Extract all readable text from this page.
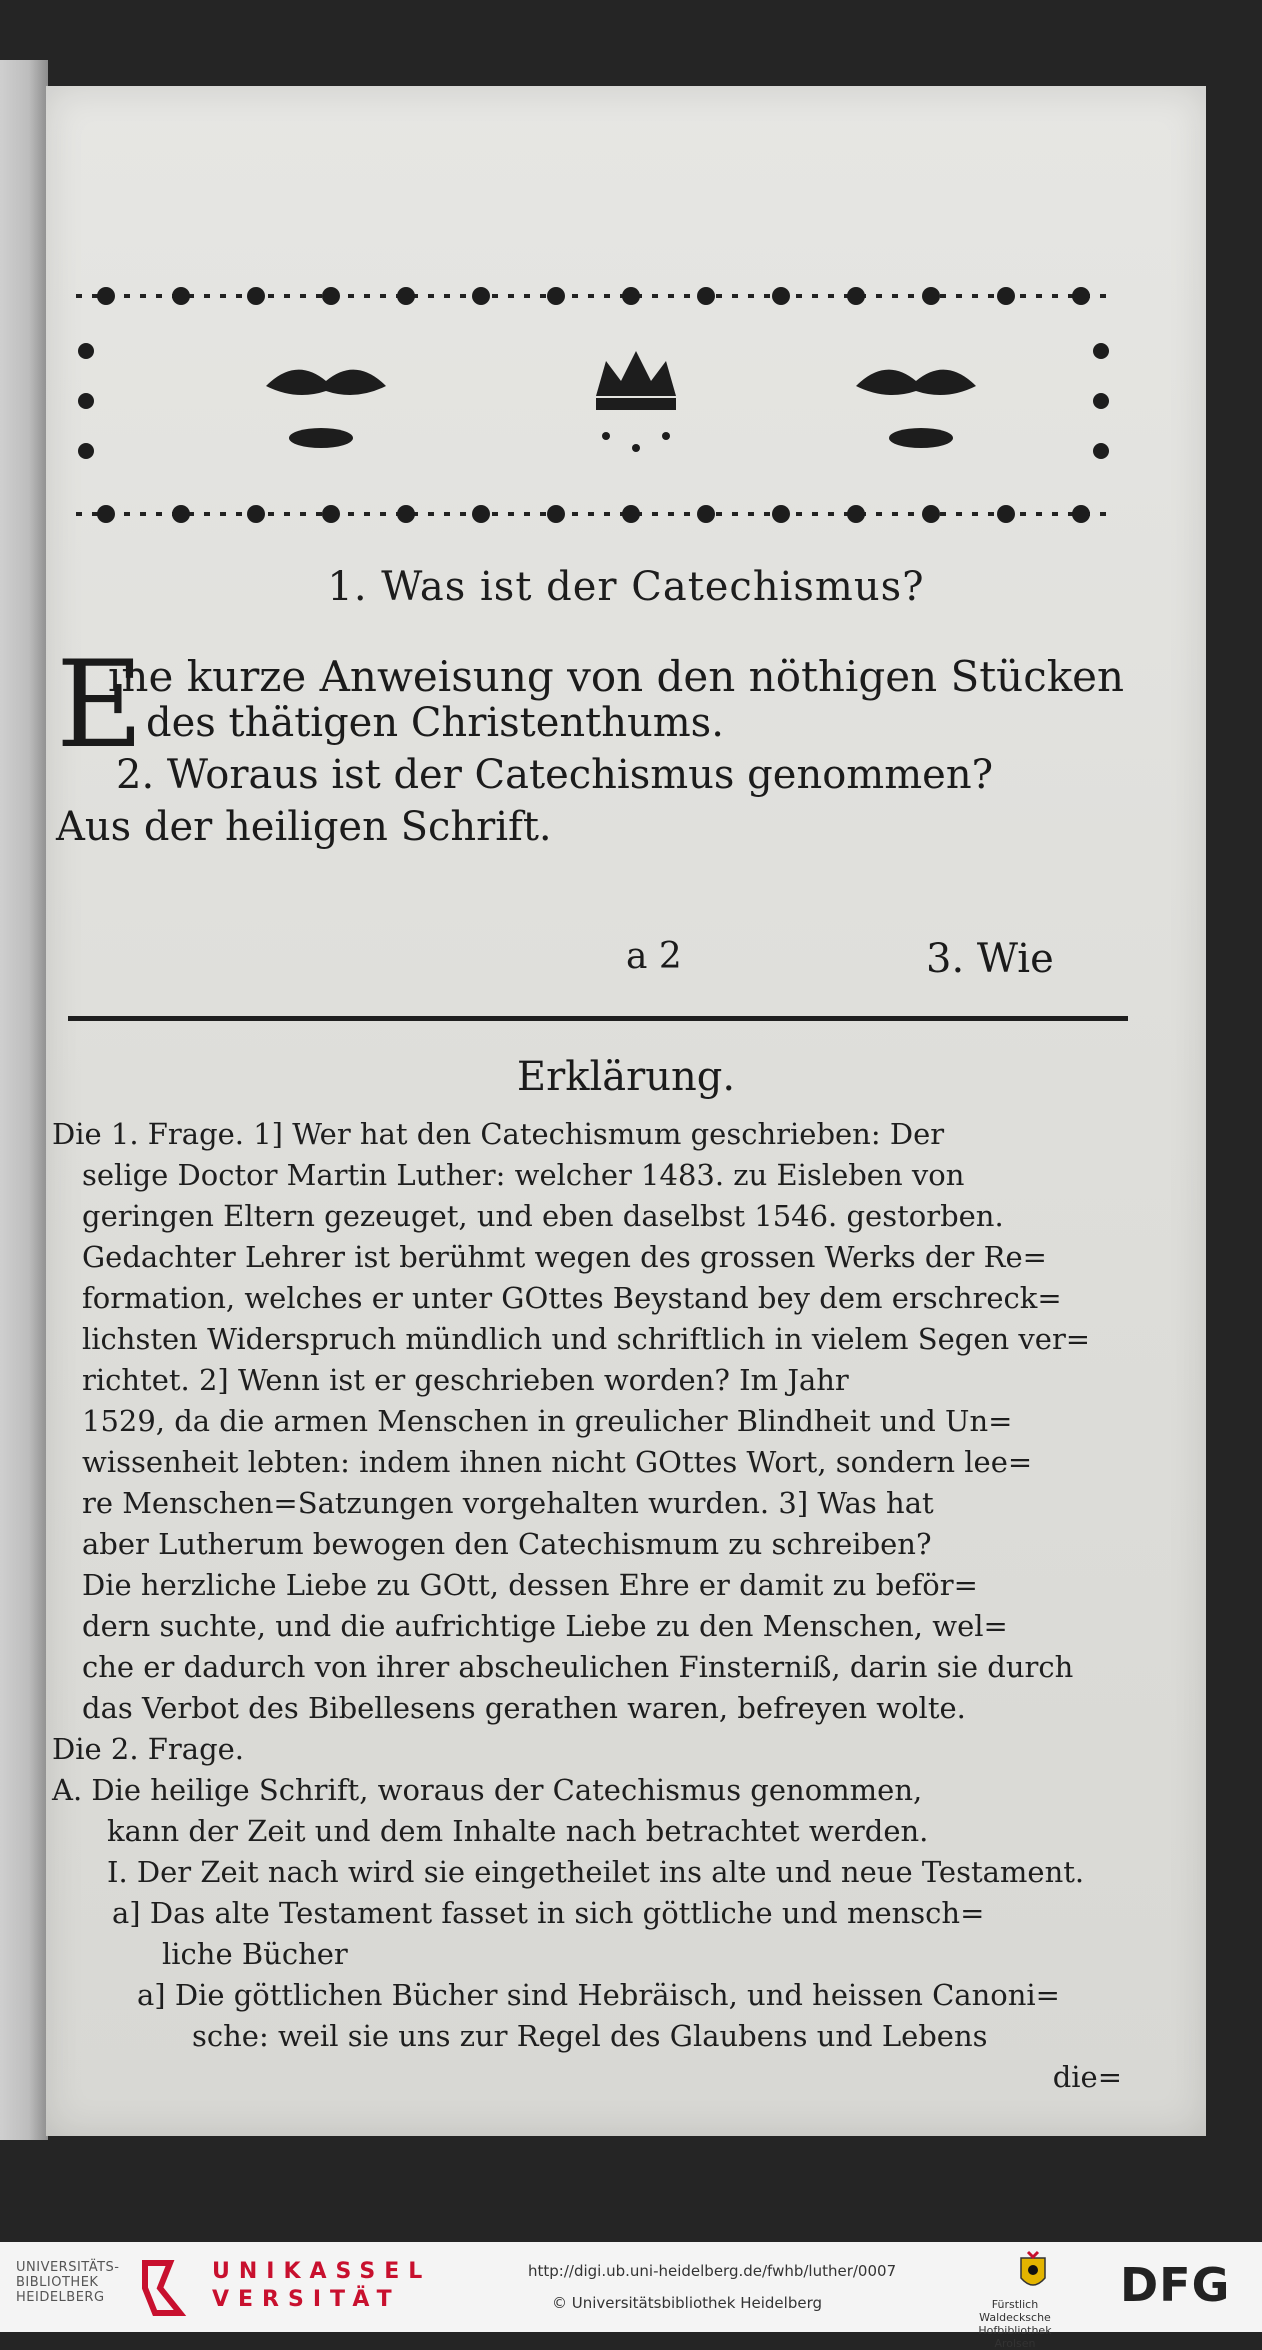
1. Was ist der Catechismus?
E
ine kurze Anweisung von den nöthigen Stücken
des thätigen Christenthums.
2. Woraus ist der Catechismus genommen?
Aus der heiligen Schrift.
a 2	3. Wie
Erklärung.

Die 1. Frage. 1] Wer hat den Catechismum geschrieben: Der

selige Doctor Martin Luther: welcher 1483. zu Eisleben von

geringen Eltern gezeuget, und eben daselbst 1546. gestorben.

Gedachter Lehrer ist berühmt wegen des grossen Werks der Re=

formation, welches er unter GOttes Beystand bey dem erschreck=

lichsten Widerspruch mündlich und schriftlich in vielem Segen ver=

richtet. 2] Wenn ist er geschrieben worden? Im Jahr

1529, da die armen Menschen in greulicher Blindheit und Un=

wissenheit lebten: indem ihnen nicht GOttes Wort, sondern lee=

re Menschen=Satzungen vorgehalten wurden. 3] Was hat

aber Lutherum bewogen den Catechismum zu schreiben?

Die herzliche Liebe zu GOtt, dessen Ehre er damit zu beför=

dern suchte, und die aufrichtige Liebe zu den Menschen, wel=

che er dadurch von ihrer abscheulichen Finsterniß, darin sie durch

das Verbot des Bibellesens gerathen waren, befreyen wolte.

Die 2. Frage.

A. Die heilige Schrift, woraus der Catechismus genommen,

kann der Zeit und dem Inhalte nach betrachtet werden.

I. Der Zeit nach wird sie eingetheilet ins alte und neue Testament.

a] Das alte Testament fasset in sich göttliche und mensch=

liche Bücher

a] Die göttlichen Bücher sind Hebräisch, und heissen Canoni=

sche: weil sie uns zur Regel des Glaubens und Lebens

die=

UNIVERSITÄTS-
BIBLIOTHEK
HEIDELBERG
UNIKASSEL
VERSITÄT
http://digi.ub.uni-heidelberg.de/fwhb/luther/0007
© Universitätsbibliothek Heidelberg	Fürstlich Waldecksche
Hofbibliothek Arolsen
DFG
